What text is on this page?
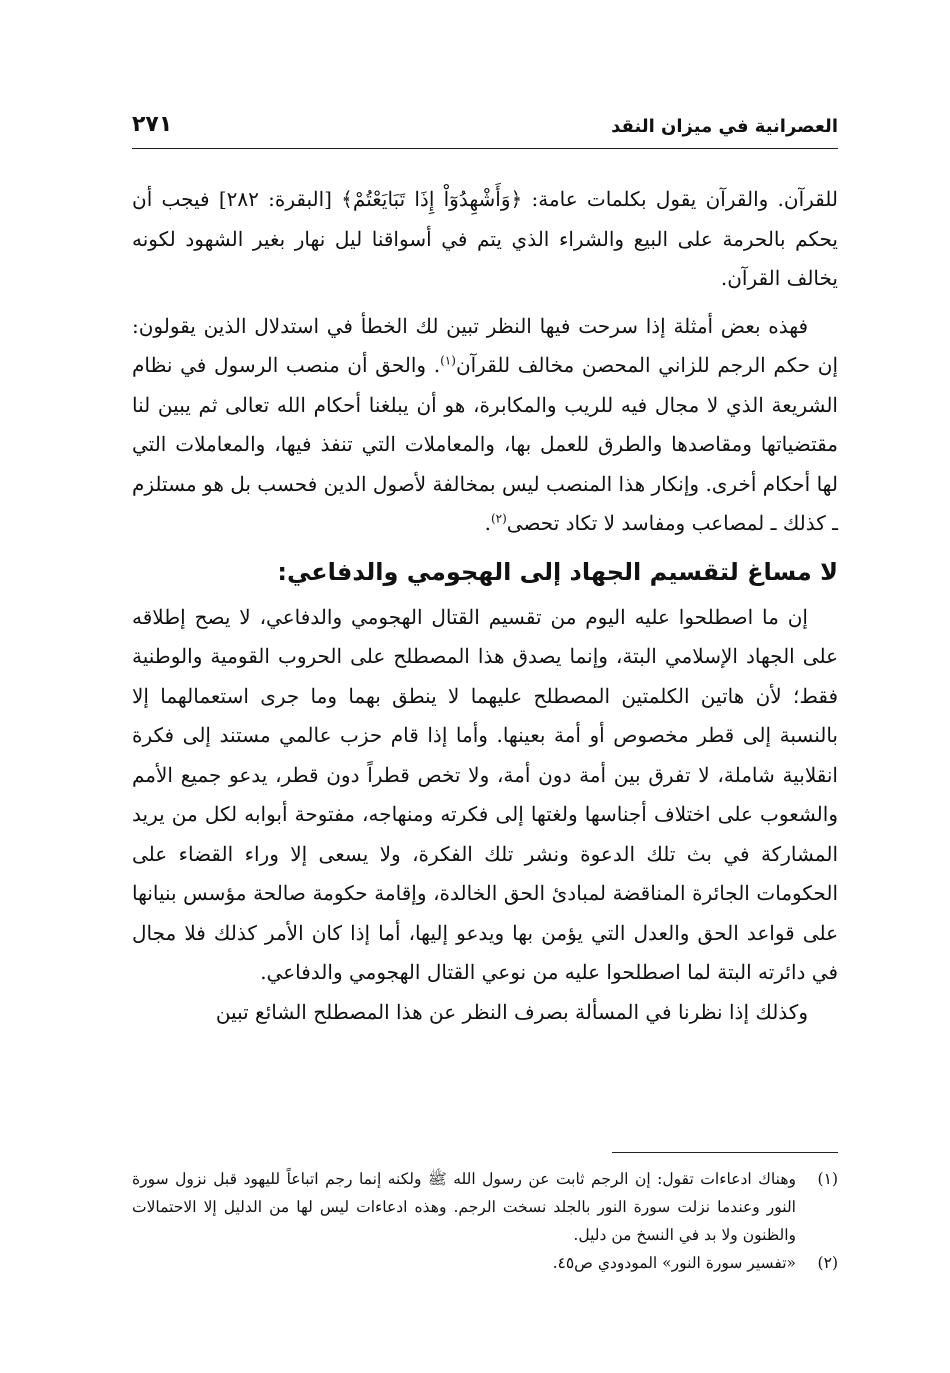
العصرانية في ميزان النقد
٢٧١

للقرآن. والقرآن يقول بكلمات عامة: ﴿وَأَشْهِدُوٓاْ إِذَا تَبَايَعْتُمْ﴾ [البقرة: ٢٨٢] فيجب أن يحكم بالحرمة على البيع والشراء الذي يتم في أسواقنا ليل نهار بغير الشهود لكونه يخالف القرآن.

فهذه بعض أمثلة إذا سرحت فيها النظر تبين لك الخطأ في استدلال الذين يقولون: إن حكم الرجم للزاني المحصن مخالف للقرآن$^{(١)}$. والحق أن منصب الرسول في نظام الشريعة الذي لا مجال فيه للريب والمكابرة، هو أن يبلغنا أحكام الله تعالى ثم يبين لنا مقتضياتها ومقاصدها والطرق للعمل بها، والمعاملات التي تنفذ فيها، والمعاملات التي لها أحكام أخرى. وإنكار هذا المنصب ليس بمخالفة لأصول الدين فحسب بل هو مستلزم ـ كذلك ـ لمصاعب ومفاسد لا تكاد تحصى$^{(٢)}$.

لا مساغ لتقسيم الجهاد إلى الهجومي والدفاعي:

إن ما اصطلحوا عليه اليوم من تقسيم القتال الهجومي والدفاعي، لا يصح إطلاقه على الجهاد الإسلامي البتة، وإنما يصدق هذا المصطلح على الحروب القومية والوطنية فقط؛ لأن هاتين الكلمتين المصطلح عليهما لا ينطق بهما وما جرى استعمالهما إلا بالنسبة إلى قطر مخصوص أو أمة بعينها. وأما إذا قام حزب عالمي مستند إلى فكرة انقلابية شاملة، لا تفرق بين أمة دون أمة، ولا تخص قطراً دون قطر، يدعو جميع الأمم والشعوب على اختلاف أجناسها ولغتها إلى فكرته ومنهاجه، مفتوحة أبوابه لكل من يريد المشاركة في بث تلك الدعوة ونشر تلك الفكرة، ولا يسعى إلا وراء القضاء على الحكومات الجائرة المناقضة لمبادئ الحق الخالدة، وإقامة حكومة صالحة مؤسس بنيانها على قواعد الحق والعدل التي يؤمن بها ويدعو إليها، أما إذا كان الأمر كذلك فلا مجال في دائرته البتة لما اصطلحوا عليه من نوعي القتال الهجومي والدفاعي.

وكذلك إذا نظرنا في المسألة بصرف النظر عن هذا المصطلح الشائع تبين

(١)
وهناك ادعاءات تقول: إن الرجم ثابت عن رسول الله ﷺ ولكنه إنما رجم اتباعاً لليهود قبل نزول سورة النور وعندما نزلت سورة النور بالجلد نسخت الرجم. وهذه ادعاءات ليس لها من الدليل إلا الاحتمالات والظنون ولا بد في النسخ من دليل.
(٢)
«تفسير سورة النور» المودودي ص٤٥.
